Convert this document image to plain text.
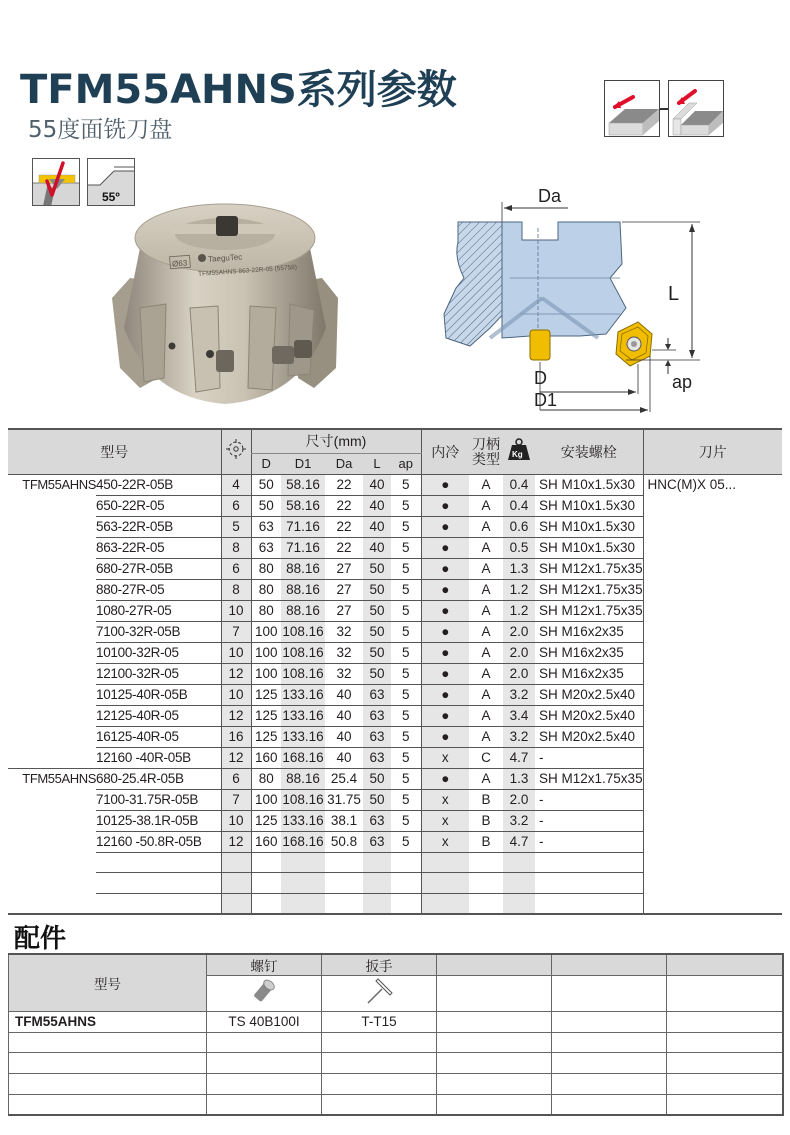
TFM55AHNS系列参数
55度面铣刀盘
55º
Ø63	TaeguTec
TFM55AHNS 863-22R-05 (55758)
Da
L
ap
D
D1
型号			尺寸(mm)					内冷	刀柄
类型	Kg	安装螺栓	刀片
			D	D1	Da	L	ap					
TFM55AHNS	450-22R-05B	4	50	58.16	22	40	5	●	A	0.4	SH M10x1.5x30	HNC(M)X 05...
	650-22R-05	6	50	58.16	22	40	5	●	A	0.4	SH M10x1.5x30	
	563-22R-05B	5	63	71.16	22	40	5	●	A	0.6	SH M10x1.5x30	
	863-22R-05	8	63	71.16	22	40	5	●	A	0.5	SH M10x1.5x30	
	680-27R-05B	6	80	88.16	27	50	5	●	A	1.3	SH M12x1.75x35	
	880-27R-05	8	80	88.16	27	50	5	●	A	1.2	SH M12x1.75x35	
	1080-27R-05	10	80	88.16	27	50	5	●	A	1.2	SH M12x1.75x35	
	7100-32R-05B	7	100	108.16	32	50	5	●	A	2.0	SH M16x2x35	
	10100-32R-05	10	100	108.16	32	50	5	●	A	2.0	SH M16x2x35	
	12100-32R-05	12	100	108.16	32	50	5	●	A	2.0	SH M16x2x35	
	10125-40R-05B	10	125	133.16	40	63	5	●	A	3.2	SH M20x2.5x40	
	12125-40R-05	12	125	133.16	40	63	5	●	A	3.4	SH M20x2.5x40	
	16125-40R-05	16	125	133.16	40	63	5	●	A	3.2	SH M20x2.5x40	
	12160 -40R-05B	12	160	168.16	40	63	5	x	C	4.7	-	
TFM55AHNS	680-25.4R-05B	6	80	88.16	25.4	50	5	●	A	1.3	SH M12x1.75x35	
	7100-31.75R-05B	7	100	108.16	31.75	50	5	x	B	2.0	-	
	10125-38.1R-05B	10	125	133.16	38.1	63	5	x	B	3.2	-	
	12160 -50.8R-05B	12	160	168.16	50.8	63	5	x	B	4.7	-	

配件
型号	螺钉	扳手			

TFM55AHNS	TS 40B100I	T-T15			
